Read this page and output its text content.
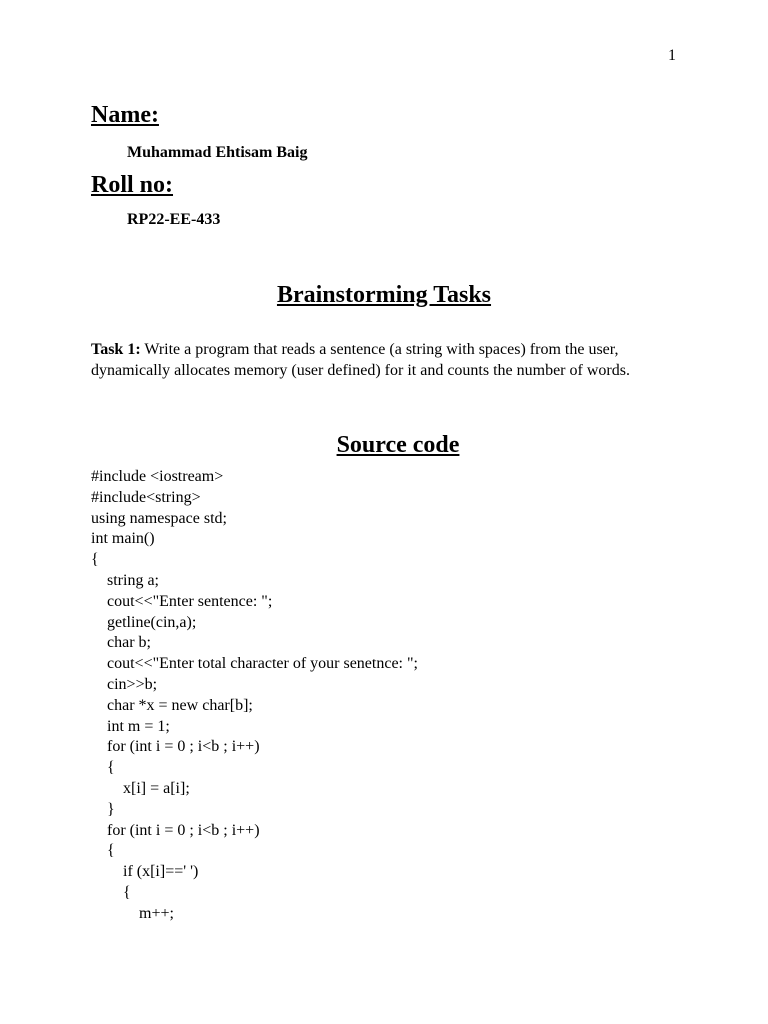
1
Name:
Muhammad Ehtisam Baig
Roll no:
RP22-EE-433
Brainstorming Tasks

Task 1: Write a program that reads a sentence (a string with spaces) from the user, dynamically allocates memory (user defined) for it and counts the number of words.

Source code
#include <iostream>
#include<string>
using namespace std;
int main()
{
string a;
cout<<"Enter sentence: ";
getline(cin,a);
char b;
cout<<"Enter total character of your senetnce: ";
cin>>b;
char *x = new char[b];
int m = 1;
for (int i = 0 ; i<b ; i++)
{
x[i] = a[i];
}
for (int i = 0 ; i<b ; i++)
{
if (x[i]==' ')
{
m++;
